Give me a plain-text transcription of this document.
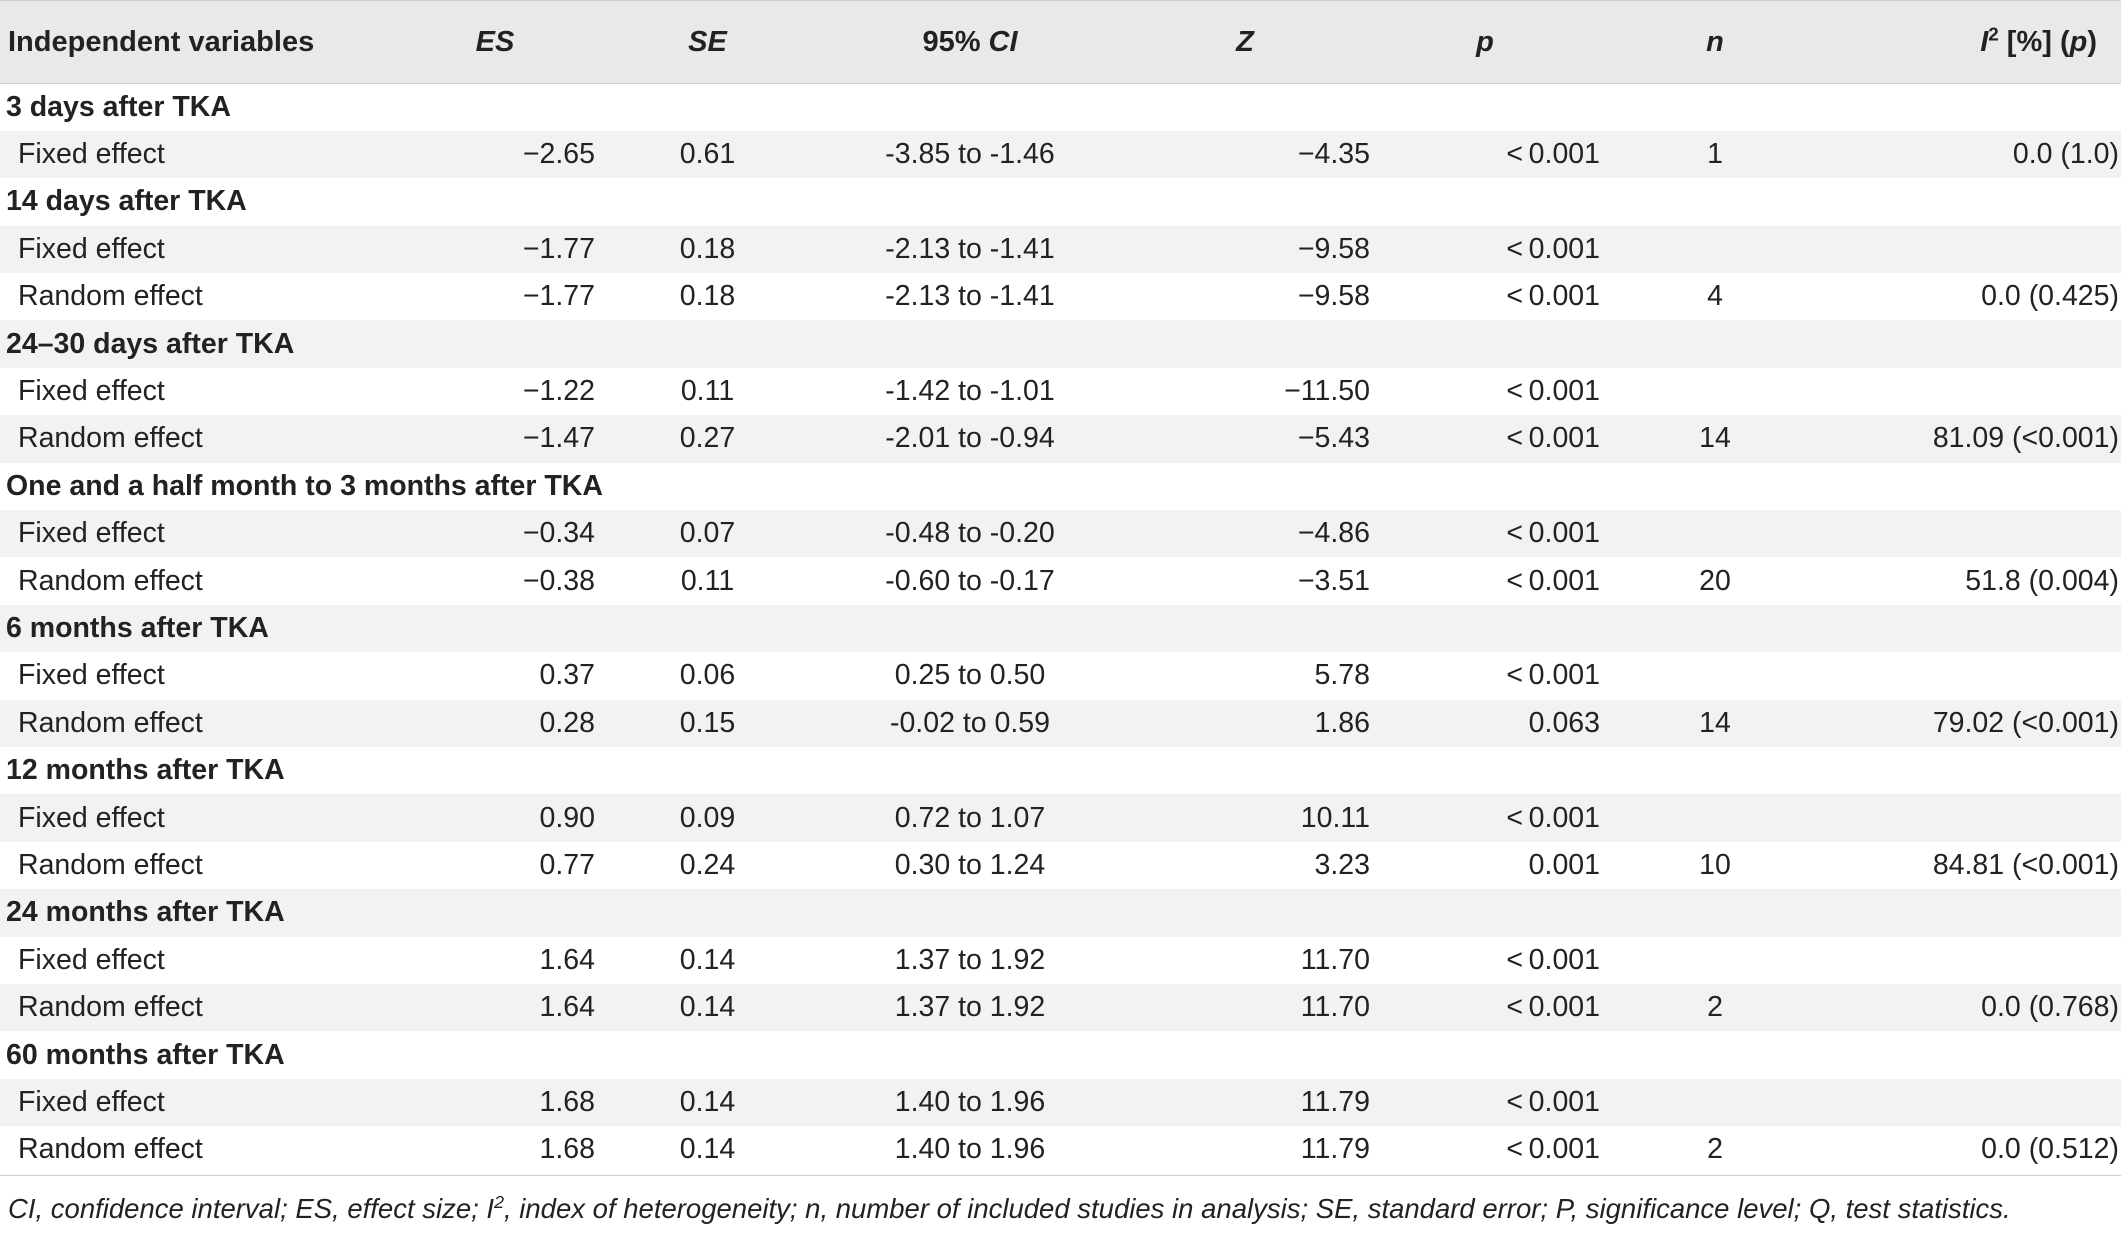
Independent variables	ES	SE	95% CI	Z	p	n	$I^2$ [%] (p)
3 days after TKA							
Fixed effect	−2.65	0.61	-3.85 to -1.46	−4.35	< 0.001	1	0.0 (1.0)
14 days after TKA							
Fixed effect	−1.77	0.18	-2.13 to -1.41	−9.58	< 0.001		
Random effect	−1.77	0.18	-2.13 to -1.41	−9.58	< 0.001	4	0.0 (0.425)
24–30 days after TKA							
Fixed effect	−1.22	0.11	-1.42 to -1.01	−11.50	< 0.001		
Random effect	−1.47	0.27	-2.01 to -0.94	−5.43	< 0.001	14	81.09 (<0.001)
One and a half month to 3 months after TKA							
Fixed effect	−0.34	0.07	-0.48 to -0.20	−4.86	< 0.001		
Random effect	−0.38	0.11	-0.60 to -0.17	−3.51	< 0.001	20	51.8 (0.004)
6 months after TKA							
Fixed effect	0.37	0.06	0.25 to 0.50	5.78	< 0.001		
Random effect	0.28	0.15	-0.02 to 0.59	1.86	0.063	14	79.02 (<0.001)
12 months after TKA							
Fixed effect	0.90	0.09	0.72 to 1.07	10.11	< 0.001		
Random effect	0.77	0.24	0.30 to 1.24	3.23	0.001	10	84.81 (<0.001)
24 months after TKA							
Fixed effect	1.64	0.14	1.37 to 1.92	11.70	< 0.001		
Random effect	1.64	0.14	1.37 to 1.92	11.70	< 0.001	2	0.0 (0.768)
60 months after TKA							
Fixed effect	1.68	0.14	1.40 to 1.96	11.79	< 0.001		
Random effect	1.68	0.14	1.40 to 1.96	11.79	< 0.001	2	0.0 (0.512)
CI, confidence interval; ES, effect size; $I^2$, index of heterogeneity; n, number of included studies in analysis; SE, standard error; P, significance level; Q, test statistics.
